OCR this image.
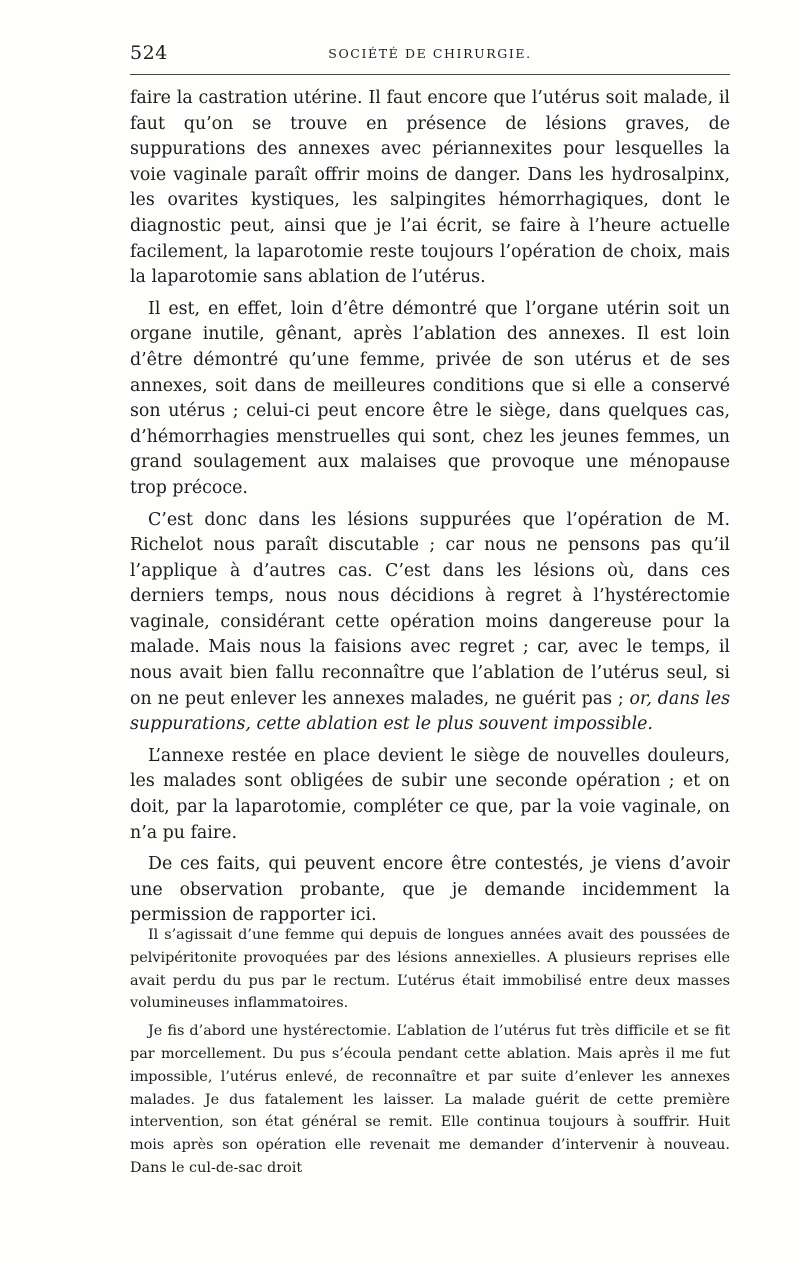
524	SOCIÉTÉ DE CHIRURGIE.

faire la castration utérine. Il faut encore que l’utérus soit malade, il faut qu’on se trouve en présence de lésions graves, de suppurations des annexes avec périannexites pour lesquelles la voie vaginale paraît offrir moins de danger. Dans les hydrosalpinx, les ovarites kystiques, les salpingites hémorrhagiques, dont le diagnostic peut, ainsi que je l’ai écrit, se faire à l’heure actuelle facilement, la laparotomie reste toujours l’opération de choix, mais la laparotomie sans ablation de l’utérus.

Il est, en effet, loin d’être démontré que l’organe utérin soit un organe inutile, gênant, après l’ablation des annexes. Il est loin d’être démontré qu’une femme, privée de son utérus et de ses annexes, soit dans de meilleures conditions que si elle a conservé son utérus ; celui-ci peut encore être le siège, dans quelques cas, d’hémorrhagies menstruelles qui sont, chez les jeunes femmes, un grand soulagement aux malaises que provoque une ménopause trop précoce.

C’est donc dans les lésions suppurées que l’opération de M. Richelot nous paraît discutable ; car nous ne pensons pas qu’il l’applique à d’autres cas. C’est dans les lésions où, dans ces derniers temps, nous nous décidions à regret à l’hystérectomie vaginale, considérant cette opération moins dangereuse pour la malade. Mais nous la faisions avec regret ; car, avec le temps, il nous avait bien fallu reconnaître que l’ablation de l’utérus seul, si on ne peut enlever les annexes malades, ne guérit pas ; or, dans les suppurations, cette ablation est le plus souvent impossible.

L’annexe restée en place devient le siège de nouvelles douleurs, les malades sont obligées de subir une seconde opération ; et on doit, par la laparotomie, compléter ce que, par la voie vaginale, on n’a pu faire.

De ces faits, qui peuvent encore être contestés, je viens d’avoir une observation probante, que je demande incidemment la permission de rapporter ici.

Il s’agissait d’une femme qui depuis de longues années avait des poussées de pelvipéritonite provoquées par des lésions annexielles. A plusieurs reprises elle avait perdu du pus par le rectum. L’utérus était immobilisé entre deux masses volumineuses inflammatoires.

Je fis d’abord une hystérectomie. L’ablation de l’utérus fut très difficile et se fit par morcellement. Du pus s’écoula pendant cette ablation. Mais après il me fut impossible, l’utérus enlevé, de reconnaître et par suite d’enlever les annexes malades. Je dus fatalement les laisser. La malade guérit de cette première intervention, son état général se remit. Elle continua toujours à souffrir. Huit mois après son opération elle revenait me demander d’intervenir à nouveau. Dans le cul-de-sac droit
